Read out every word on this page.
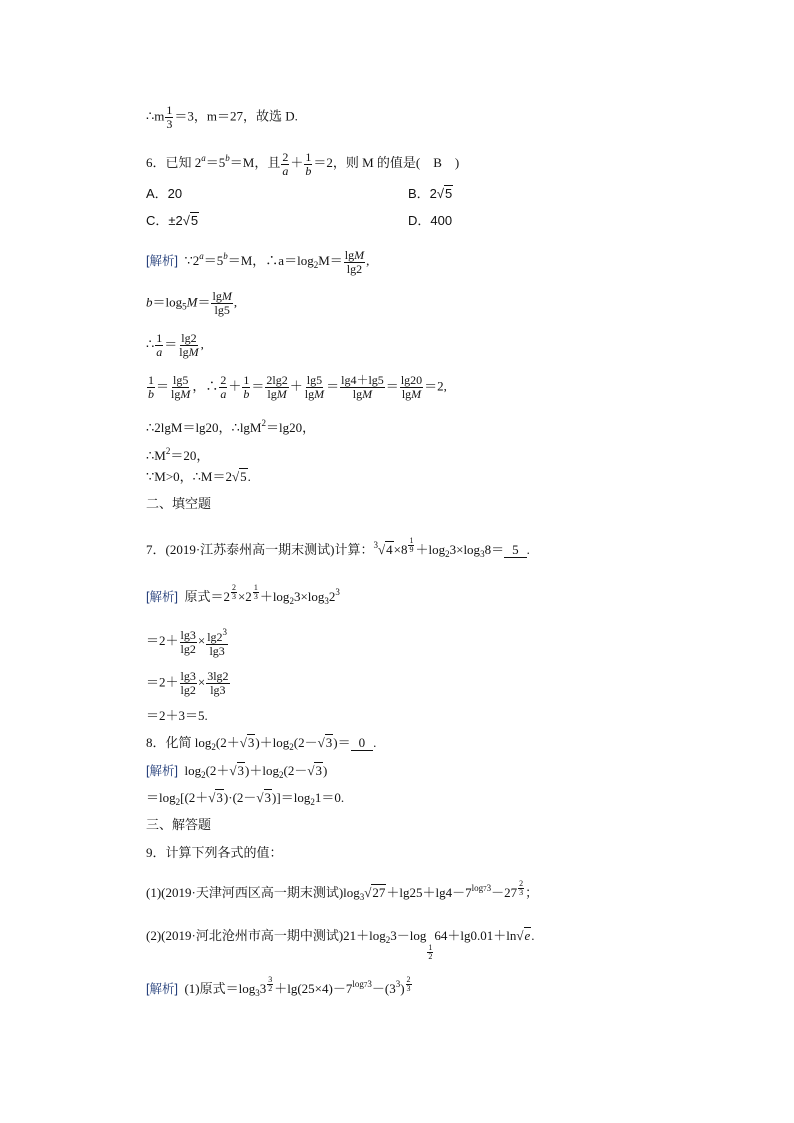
∴m $\frac{1}{3} =3$，m＝27，故选 D.
6．已知 $2^a=5^b=M$，且 $\frac{2}{a} + \frac{1}{b} =2$，则 M 的值是(　B　)
A．20	B．2√5
C．±2√5	D．400
[解析] $\because 2^a=5^b=M$，$\therefore a=\log_2M= \frac{\lg M}{\lg 2}$ ,
$b=\log_5M= \frac{\lg M}{\lg 5}$ ,
∴ $\frac{1}{a} = \frac{\lg 2}{\lg M}$ ,
$\frac{1}{b} = \frac{\lg 5}{\lg M}$ ，∴ $\frac{2}{a} + \frac{1}{b} = \frac{2\lg 2}{\lg M} + \frac{\lg 5}{\lg M} = \frac{\lg 4+\lg 5}{\lg M} = \frac{\lg 20}{\lg M} =2$,
∴2lgM＝lg20，∴lgM$^2$＝lg20，
$\therefore M^2=20$，
∵M>0，∴M＝2√5.
二、填空题
7．(2019·江苏泰州高一期末测试)计算：$^3√4\times 8 \frac{1}{9} +\log_23\times\log_38= 5$ .
[解析] 原式$=2 \frac{2}{3} \times 2 \frac{1}{3} +\log_23\times\log_32^3$
$=2+ \frac{\lg 3}{\lg 2} \times \frac{\lg 2^3}{\lg 3}$
$=2+ \frac{\lg 3}{\lg 2} \times \frac{3\lg 2}{\lg 3}$
＝2＋3＝5.
8．化简 $\log_2(2+√3)+\log_2(2-√3)= 0$ .
[解析] $\log_2(2+√3)+\log_2(2-√3)$
$=\log_2[(2+√3)\cdot(2-√3)]=\log_21=0$.
三、解答题
9．计算下列各式的值：
(1)(2019·天津河西区高一期末测试)$\log_3√27+\lg 25+\lg 4-7^{log73}-27 \frac{2}{3}$ ；
(2)(2019·河北沧州市高一期中测试)$21+\log_23-\log$
$\frac{1}{2}$
64＋lg0.01＋ln√e.
[解析] (1)原式$=\log_33 \frac{3}{2} +\lg(25\times 4)-7^{log73}-(3^3) \frac{2}{3}$
